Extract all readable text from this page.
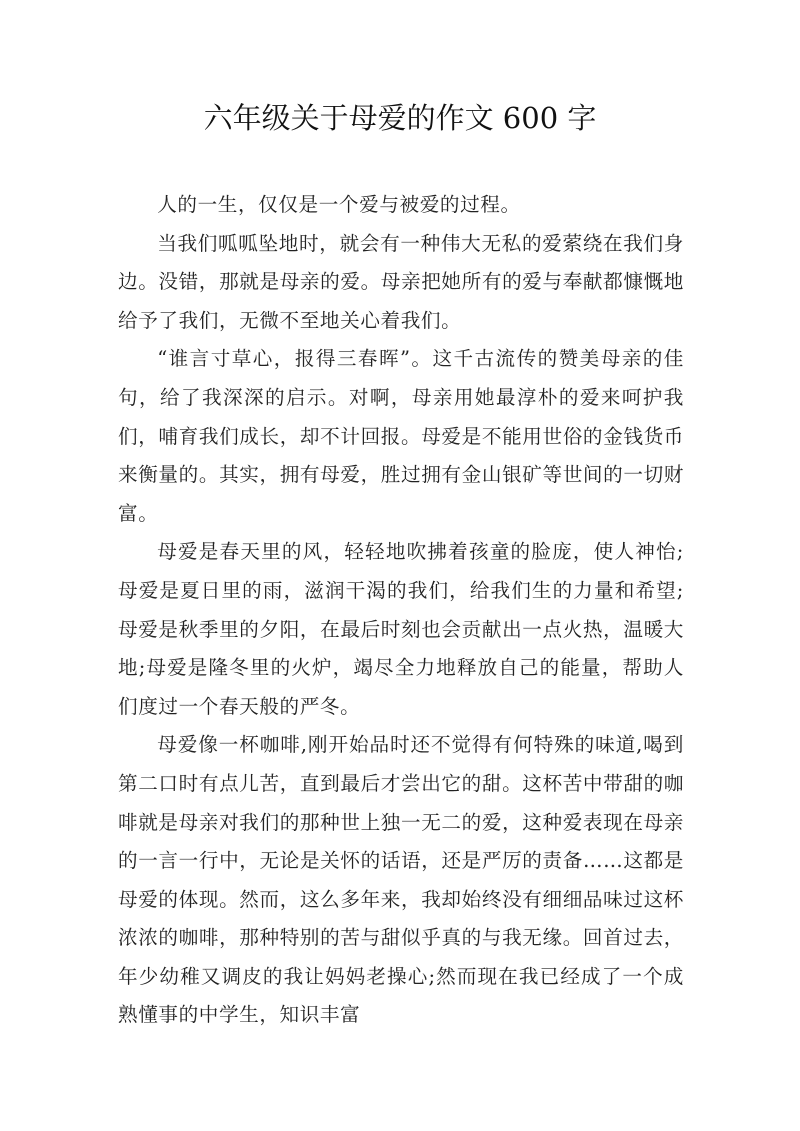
六年级关于母爱的作文 600 字

人的一生，仅仅是一个爱与被爱的过程。

当我们呱呱坠地时，就会有一种伟大无私的爱萦绕在我们身边。没错，那就是母亲的爱。母亲把她所有的爱与奉献都慷慨地给予了我们，无微不至地关心着我们。

“谁言寸草心，报得三春晖”。这千古流传的赞美母亲的佳句，给了我深深的启示。对啊，母亲用她最淳朴的爱来呵护我们，哺育我们成长，却不计回报。母爱是不能用世俗的金钱货币来衡量的。其实，拥有母爱，胜过拥有金山银矿等世间的一切财富。

母爱是春天里的风，轻轻地吹拂着孩童的脸庞，使人神怡;母爱是夏日里的雨，滋润干渴的我们，给我们生的力量和希望;母爱是秋季里的夕阳，在最后时刻也会贡献出一点火热，温暖大地;母爱是隆冬里的火炉，竭尽全力地释放自己的能量，帮助人们度过一个春天般的严冬。

母爱像一杯咖啡,刚开始品时还不觉得有何特殊的味道,喝到第二口时有点儿苦，直到最后才尝出它的甜。这杯苦中带甜的咖啡就是母亲对我们的那种世上独一无二的爱，这种爱表现在母亲的一言一行中，无论是关怀的话语，还是严厉的责备……这都是母爱的体现。然而，这么多年来，我却始终没有细细品味过这杯浓浓的咖啡，那种特别的苦与甜似乎真的与我无缘。回首过去，年少幼稚又调皮的我让妈妈老操心;然而现在我已经成了一个成熟懂事的中学生，知识丰富
